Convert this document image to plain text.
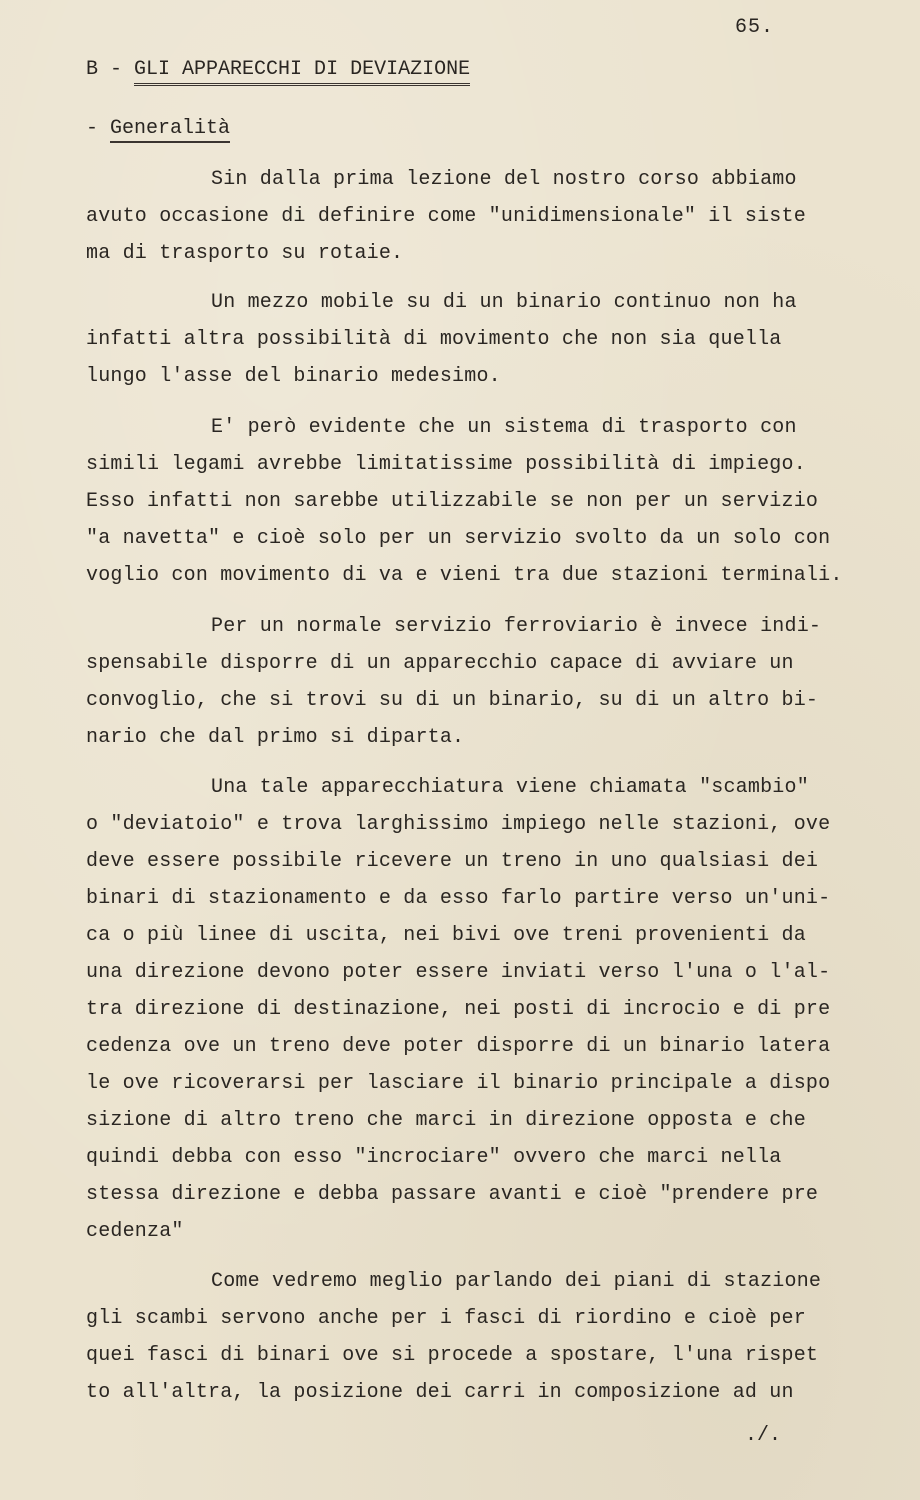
65.
B - GLI APPARECCHI DI DEVIAZIONE
- Generalità
Sin dalla prima lezione del nostro corso abbiamo
avuto occasione di definire come "unidimensionale" il siste
ma di trasporto su rotaie.
Un mezzo mobile su di un binario continuo non ha
infatti altra possibilità di movimento che non sia quella
lungo l'asse del binario medesimo.
E' però evidente che un sistema di trasporto con
simili legami avrebbe limitatissime possibilità di impiego.
Esso infatti non sarebbe utilizzabile se non per un servizio
"a navetta" e cioè solo per un servizio svolto da un solo con
voglio con movimento di va e vieni tra due stazioni terminali.
Per un normale servizio ferroviario è invece indi-
spensabile disporre di un apparecchio capace di avviare un
convoglio, che si trovi su di un binario, su di un altro bi-
nario che dal primo si diparta.
Una tale apparecchiatura viene chiamata "scambio"
o "deviatoio" e trova larghissimo impiego nelle stazioni, ove
deve essere possibile ricevere un treno in uno qualsiasi dei
binari di stazionamento e da esso farlo partire verso un'uni-
ca o più linee di uscita, nei bivi ove treni provenienti da
una direzione devono poter essere inviati verso l'una o l'al-
tra direzione di destinazione, nei posti di incrocio e di pre
cedenza ove un treno deve poter disporre di un binario latera
le ove ricoverarsi per lasciare il binario principale a dispo
sizione di altro treno che marci in direzione opposta e che
quindi debba con esso "incrociare" ovvero che marci nella
stessa direzione e debba passare avanti e cioè "prendere pre
cedenza"
Come vedremo meglio parlando dei piani di stazione
gli scambi servono anche per i fasci di riordino e cioè per
quei fasci di binari ove si procede a spostare, l'una rispet
to all'altra, la posizione dei carri in composizione ad un
./.
